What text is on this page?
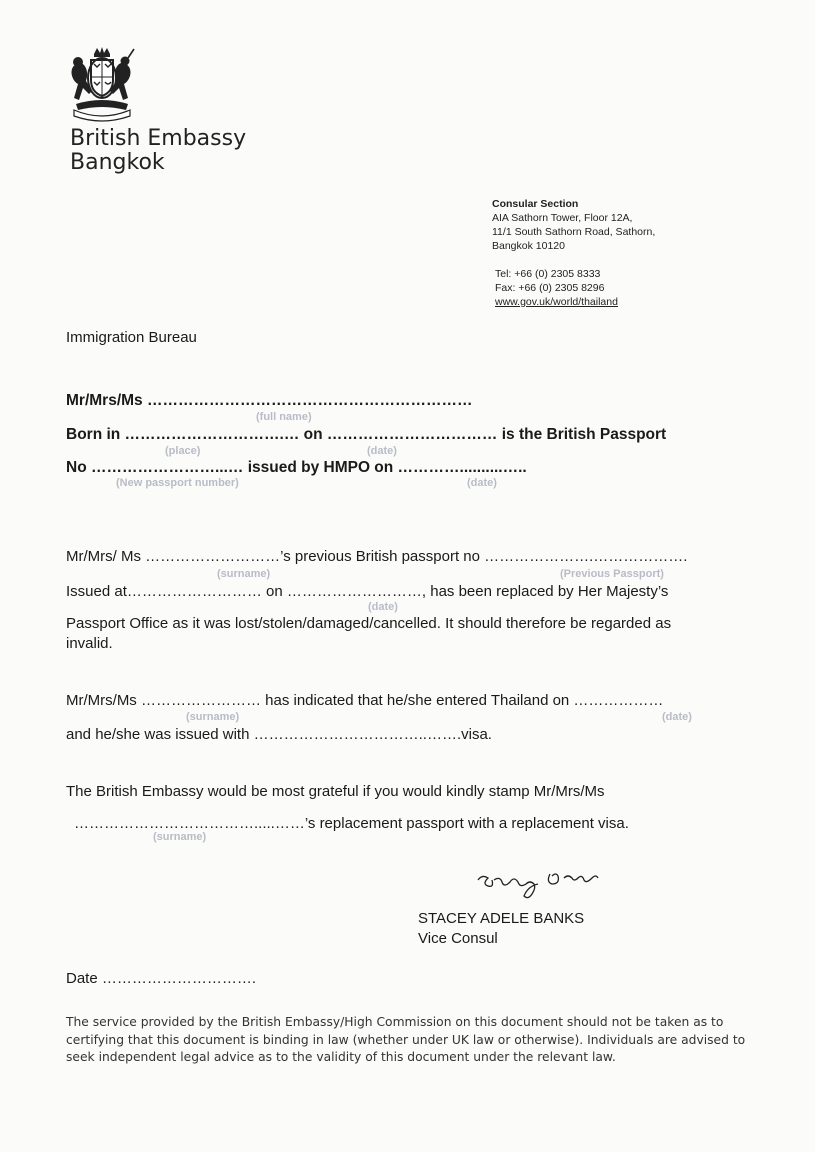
British Embassy
Bangkok
Consular Section
AIA Sathorn Tower, Floor 12A,
11/1 South Sathorn Road, Sathorn,
Bangkok 10120
Tel: +66 (0) 2305 8333
Fax: +66 (0) 2305 8296
www.gov.uk/world/thailand
Immigration Bureau
Mr/Mrs/Ms ………………………………………………………
(full name)
Born in ………………………….… on …………………………… is the British Passport
(place)	(date)
No ……………………...… issued by HMPO on …………..........…..
(New passport number)	(date)
Mr/Mrs/ Ms ………………………’s previous British passport no ………………….……………….
(surname)	(Previous Passport)
Issued at……………………… on ………………………, has been replaced by Her Majesty’s
(date)
Passport Office as it was lost/stolen/damaged/cancelled. It should therefore be regarded as
invalid.
Mr/Mrs/Ms …………………… has indicated that he/she entered Thailand on ………………
(surname)	(date)
and he/she was issued with ……………………………..…….visa.
The British Embassy would be most grateful if you would kindly stamp Mr/Mrs/Ms
……………………………….....……’s replacement passport with a replacement visa.
(surname)
STACEY ADELE BANKS
Vice Consul
Date ………………………….
The service provided by the British Embassy/High Commission on this document should not be taken as to certifying that this document is binding in law (whether under UK law or otherwise). Individuals are advised to seek independent legal advice as to the validity of this document under the relevant law.
